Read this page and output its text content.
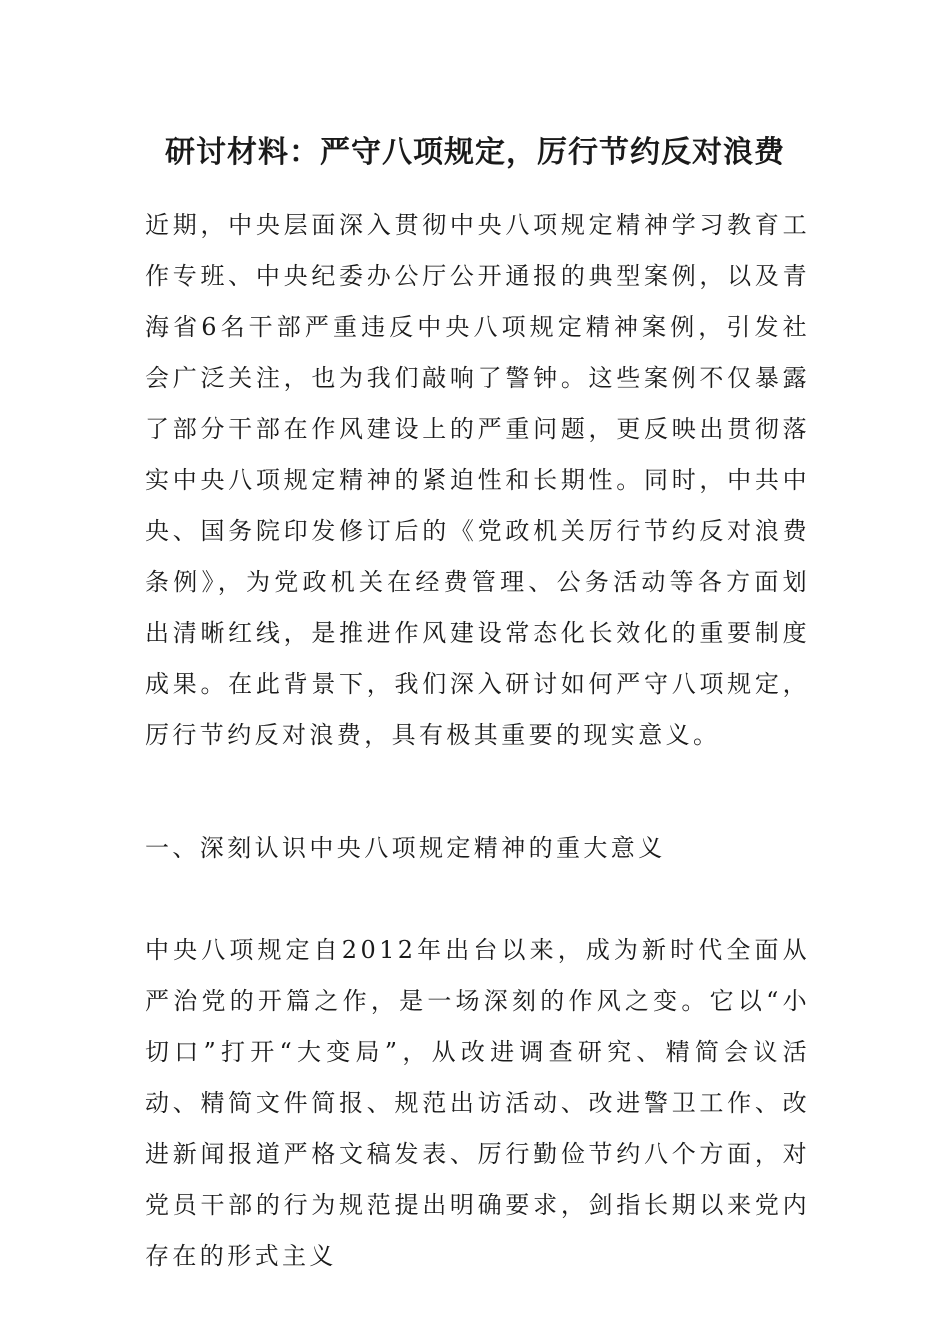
研讨材料：严守八项规定，厉行节约反对浪费

近期，中央层面深入贯彻中央八项规定精神学习教育工作专班、中央纪委办公厅公开通报的典型案例，以及青海省6名干部严重违反中央八项规定精神案例，引发社会广泛关注，也为我们敲响了警钟。这些案例不仅暴露了部分干部在作风建设上的严重问题，更反映出贯彻落实中央八项规定精神的紧迫性和长期性。同时，中共中央、国务院印发修订后的《党政机关厉行节约反对浪费条例》，为党政机关在经费管理、公务活动等各方面划出清晰红线，是推进作风建设常态化长效化的重要制度成果。在此背景下，我们深入研讨如何严守八项规定，厉行节约反对浪费，具有极其重要的现实意义。

一、深刻认识中央八项规定精神的重大意义

中央八项规定自2012年出台以来，成为新时代全面从严治党的开篇之作，是一场深刻的作风之变。它以“小切口”打开“大变局”，从改进调查研究、精简会议活动、精简文件简报、规范出访活动、改进警卫工作、改进新闻报道严格文稿发表、厉行勤俭节约八个方面，对党员干部的行为规范提出明确要求，剑指长期以来党内存在的形式主义
